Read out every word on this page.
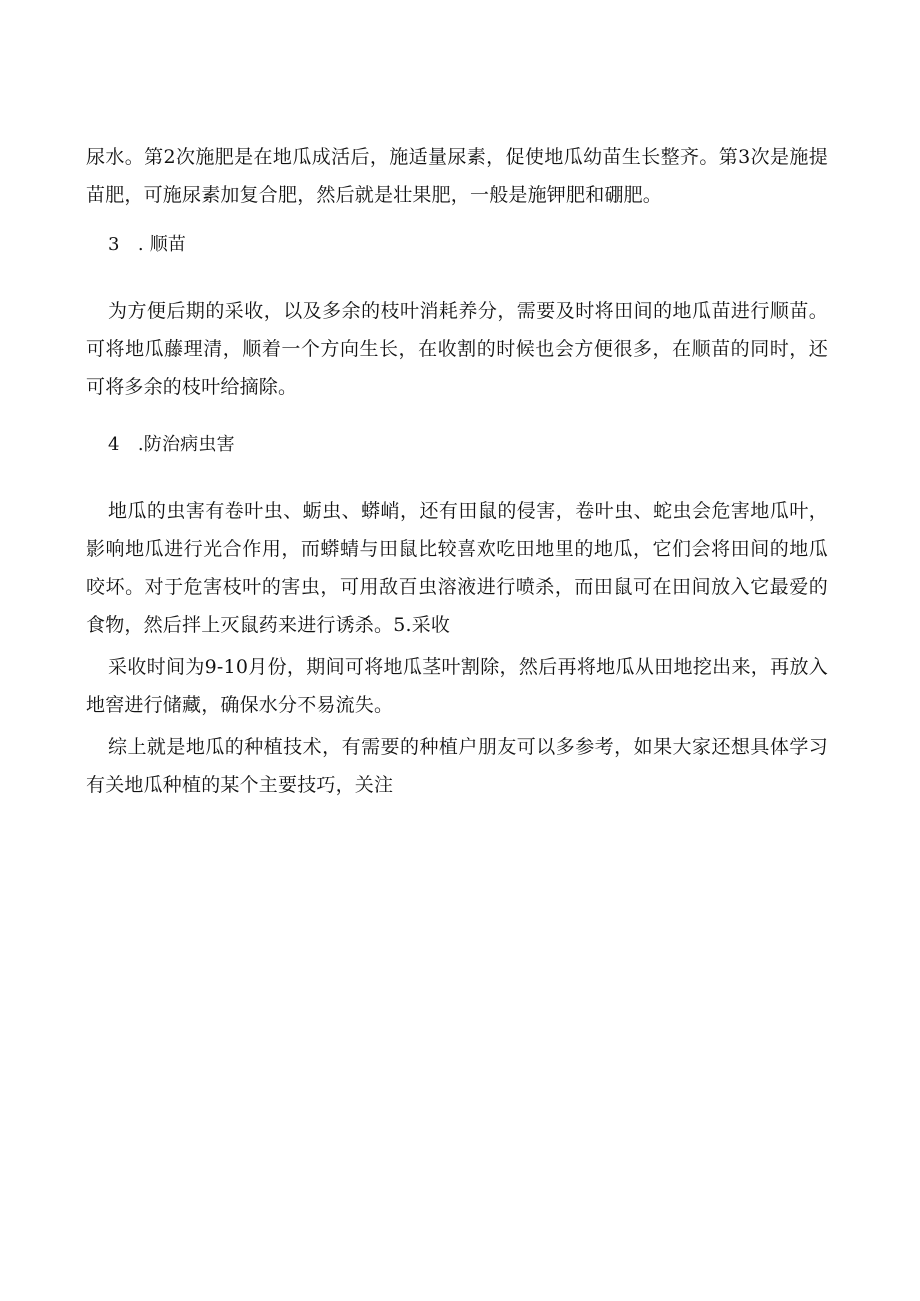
尿水。第2次施肥是在地瓜成活后，施适量尿素，促使地瓜幼苗生长整齐。第3次是施提苗肥，可施尿素加复合肥，然后就是壮果肥，一般是施钾肥和硼肥。

3　. 顺苗

为方便后期的采收，以及多余的枝叶消耗养分，需要及时将田间的地瓜苗进行顺苗。可将地瓜藤理清，顺着一个方向生长，在收割的时候也会方便很多，在顺苗的同时，还可将多余的枝叶给摘除。

4　.防治病虫害

地瓜的虫害有卷叶虫、蛎虫、蟒峭，还有田鼠的侵害，卷叶虫、蛇虫会危害地瓜叶，影响地瓜进行光合作用，而蟒蜻与田鼠比较喜欢吃田地里的地瓜，它们会将田间的地瓜咬坏。对于危害枝叶的害虫，可用敌百虫溶液进行喷杀，而田鼠可在田间放入它最爱的食物，然后拌上灭鼠药来进行诱杀。5.采收

采收时间为9-10月份，期间可将地瓜茎叶割除，然后再将地瓜从田地挖出来，再放入地窖进行储藏，确保水分不易流失。

综上就是地瓜的种植技术，有需要的种植户朋友可以多参考，如果大家还想具体学习有关地瓜种植的某个主要技巧，关注
